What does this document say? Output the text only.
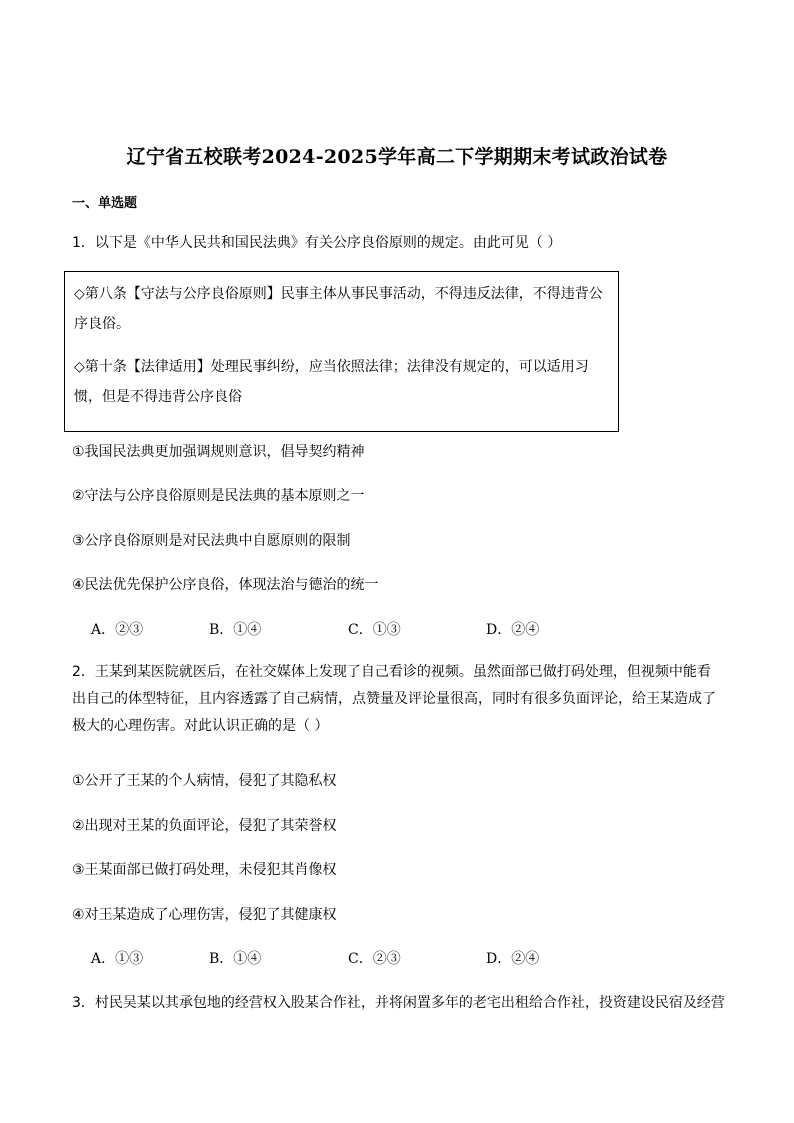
辽宁省五校联考2024-2025学年高二下学期期末考试政治试卷
一、单选题
1．以下是《中华人民共和国民法典》有关公序良俗原则的规定。由此可见（ ）
◇第八条【守法与公序良俗原则】民事主体从事民事活动，不得违反法律，不得违背公序良俗。
◇第十条【法律适用】处理民事纠纷，应当依照法律；法律没有规定的，可以适用习惯，但是不得违背公序良俗
①我国民法典更加强调规则意识，倡导契约精神
②守法与公序良俗原则是民法典的基本原则之一
③公序良俗原则是对民法典中自愿原则的限制
④民法优先保护公序良俗，体现法治与德治的统一
A．②③	B．①④	C．①③	D．②④
2．王某到某医院就医后，在社交媒体上发现了自己看诊的视频。虽然面部已做打码处理，但视频中能看出自己的体型特征，且内容透露了自己病情，点赞量及评论量很高，同时有很多负面评论，给王某造成了极大的心理伤害。对此认识正确的是（ ）
①公开了王某的个人病情，侵犯了其隐私权
②出现对王某的负面评论，侵犯了其荣誉权
③王某面部已做打码处理，未侵犯其肖像权
④对王某造成了心理伤害，侵犯了其健康权
A．①③	B．①④	C．②③	D．②④
3．村民吴某以其承包地的经营权入股某合作社，并将闲置多年的老宅出租给合作社，投资建设民宿及经营
